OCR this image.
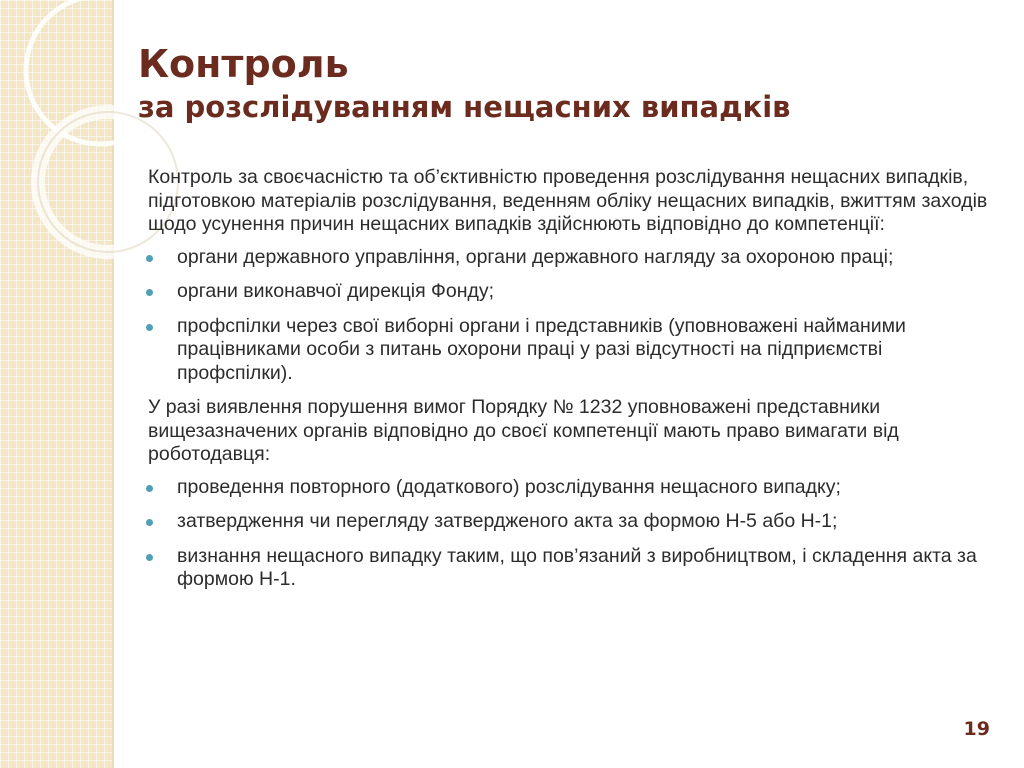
Контроль
за розслідуванням нещасних випадків

Контроль за своєчасністю та об’єктивністю проведення розслідування нещасних випадків, підготовкою матеріалів розслідування, веденням обліку нещасних випадків, вжиттям заходів щодо усунення причин нещасних випадків здійснюють відповідно до компетенції:

органи державного управління, органи державного нагляду за охороною праці;
органи виконавчої дирекція Фонду;
профспілки через свої виборні органи і представників (уповноважені найманими працівниками особи з питань охорони праці у разі відсутності на підприємстві профспілки).

У разі виявлення порушення вимог Порядку № 1232 уповноважені представники вищезазначених органів відповідно до своєї компетенції мають право вимагати від роботодавця:

проведення повторного (додаткового) розслідування нещасного випадку;
затвердження чи перегляду затвердженого акта за формою Н-5 або Н-1;
визнання нещасного випадку таким, що пов’язаний з виробництвом, і складення акта за формою Н-1.
19
